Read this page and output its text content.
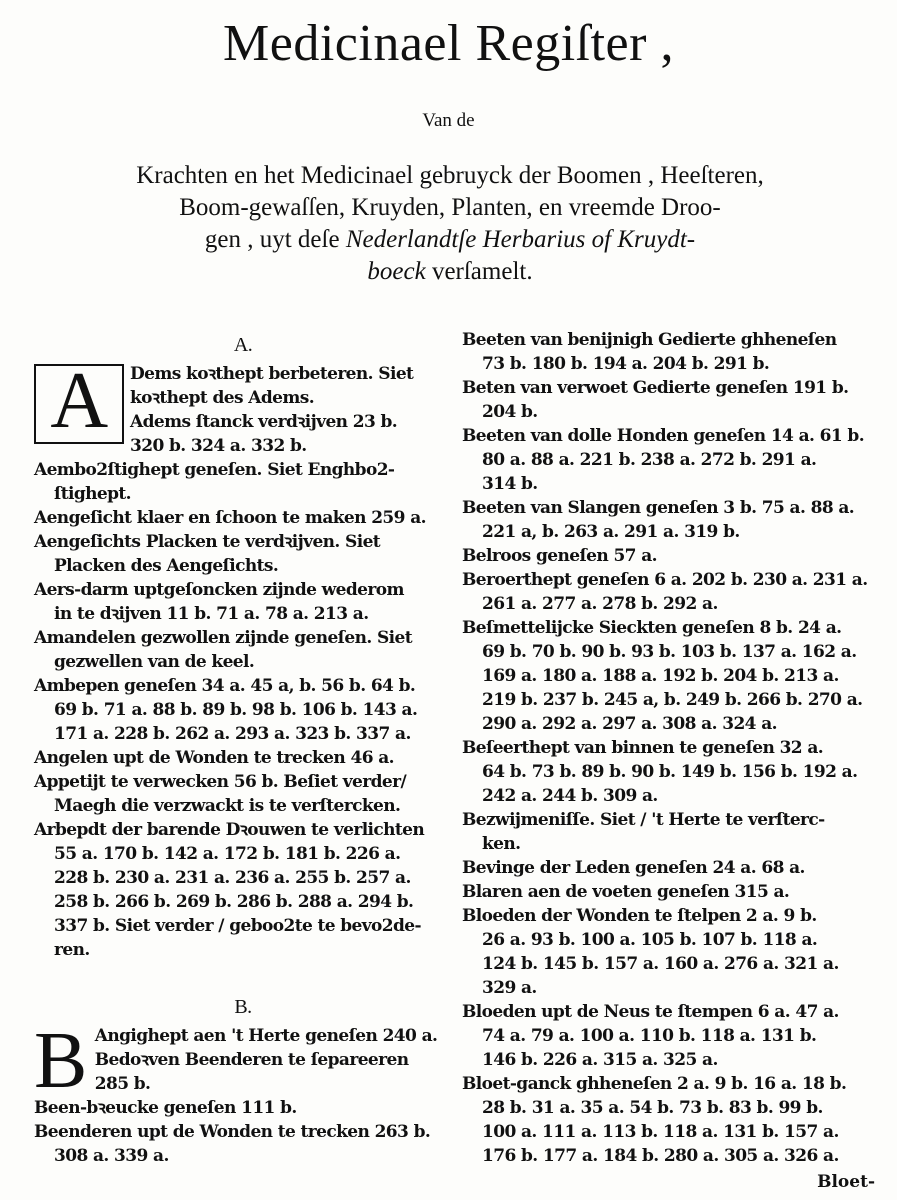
Medicinael Regiſter ,
Van de
Krachten en het Medicinael gebruyck der Boomen , Heeſteren,
Boom-gewaſſen, Kruyden, Planten, en vreemde Droo-
gen , uyt deſe Nederlandtſe Herbarius of Kruydt-
boeck verſamelt.
A.
A	Dems koꝛthept berbeteren. Siet
koꝛthept des Adems.
Adems ſtanck verdꝛijven 23 b.
320 b. 324 a. 332 b.
Aembo2ſtighept geneſen. Siet Enghbo2-
ſtighept.
Aengeſicht klaer en ſchoon te maken 259 a.
Aengeſichts Placken te verdꝛijven. Siet
Placken des Aengeſichts.
Aers-darm uptgeſoncken zijnde wederom
in te dꝛijven 11 b. 71 a. 78 a. 213 a.
Amandelen gezwollen zijnde geneſen. Siet
gezwellen van de keel.
Ambepen geneſen 34 a. 45 a, b. 56 b. 64 b.
69 b. 71 a. 88 b. 89 b. 98 b. 106 b. 143 a.
171 a. 228 b. 262 a. 293 a. 323 b. 337 a.
Angelen upt de Wonden te trecken 46 a.
Appetijt te verwecken 56 b. Beſiet verder/
Maegh die verzwackt is te verſtercken.
Arbepdt der barende Dꝛouwen te verlichten
55 a. 170 b. 142 a. 172 b. 181 b. 226 a.
228 b. 230 a. 231 a. 236 a. 255 b. 257 a.
258 b. 266 b. 269 b. 286 b. 288 a. 294 b.
337 b. Siet verder / geboo2te te bevo2de-
ren.
B.
B Angighept aen 't Herte geneſen 240 a.
Bedoꝛven Beenderen te ſepareeren
285 b.
Been-bꝛeucke geneſen 111 b.
Beenderen upt de Wonden te trecken 263 b.
308 a. 339 a.
Beeten van benijnigh Gediertе ghheneſen
73 b. 180 b. 194 a. 204 b. 291 b.
Beten van verwoet Gedierte geneſen 191 b.
204 b.
Beeten van dolle Honden geneſen 14 a. 61 b.
80 a. 88 a. 221 b. 238 a. 272 b. 291 a.
314 b.
Beeten van Slangen geneſen 3 b. 75 a. 88 a.
221 a, b. 263 a. 291 a. 319 b.
Belroos geneſen 57 a.
Beroerthept geneſen 6 a. 202 b. 230 a. 231 a.
261 a. 277 a. 278 b. 292 a.
Beſmettelijcke Sieckten geneſen 8 b. 24 a.
69 b. 70 b. 90 b. 93 b. 103 b. 137 a. 162 a.
169 a. 180 a. 188 a. 192 b. 204 b. 213 a.
219 b. 237 b. 245 a, b. 249 b. 266 b. 270 a.
290 a. 292 a. 297 a. 308 a. 324 a.
Beſeerthept van binnen te geneſen 32 a.
64 b. 73 b. 89 b. 90 b. 149 b. 156 b. 192 a.
242 a. 244 b. 309 a.
Bezwijmeniſſe. Siet / 't Herte te verſterc-
ken.
Bevinge der Leden geneſen 24 a. 68 a.
Blaren aen de voeten geneſen 315 a.
Bloeden der Wonden te ſtelpen 2 a. 9 b.
26 a. 93 b. 100 a. 105 b. 107 b. 118 a.
124 b. 145 b. 157 a. 160 a. 276 a. 321 a.
329 a.
Bloeden upt de Neus te ſtempen 6 a. 47 a.
74 a. 79 a. 100 a. 110 b. 118 a. 131 b.
146 b. 226 a. 315 a. 325 a.
Bloet-ganck ghheneſen 2 a. 9 b. 16 a. 18 b.
28 b. 31 a. 35 a. 54 b. 73 b. 83 b. 99 b.
100 a. 111 a. 113 b. 118 a. 131 b. 157 a.
176 b. 177 a. 184 b. 280 a. 305 a. 326 a.
Bloet-
